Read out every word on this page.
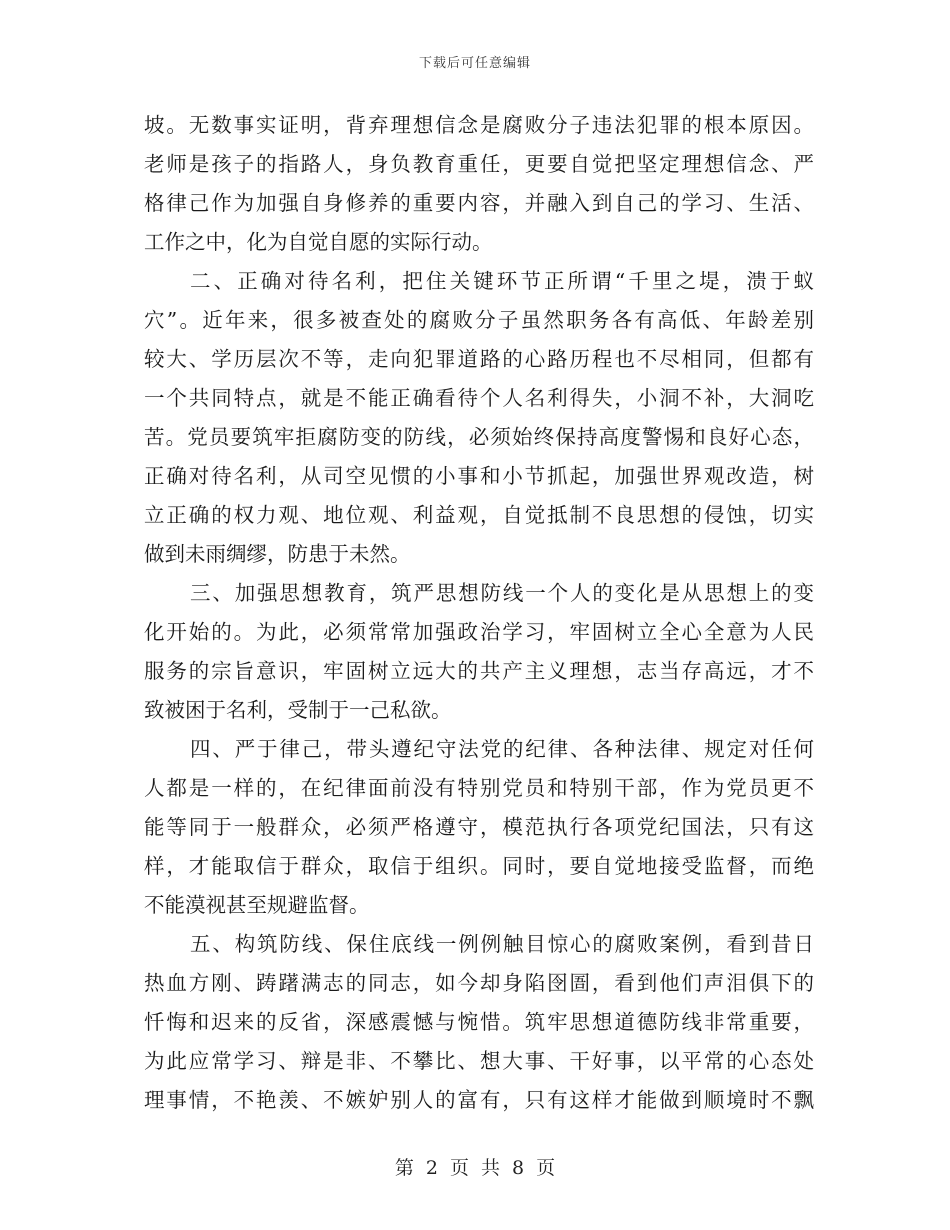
下载后可任意编辑
坡。无数事实证明，背弃理想信念是腐败分子违法犯罪的根本原因。
老师是孩子的指路人，身负教育重任，更要自觉把坚定理想信念、严
格律己作为加强自身修养的重要内容，并融入到自己的学习、生活、
工作之中，化为自觉自愿的实际行动。
二、正确对待名利，把住关键环节正所谓“千里之堤，溃于蚁
穴”。近年来，很多被查处的腐败分子虽然职务各有高低、年龄差别
较大、学历层次不等，走向犯罪道路的心路历程也不尽相同，但都有
一个共同特点，就是不能正确看待个人名利得失，小洞不补，大洞吃
苦。党员要筑牢拒腐防变的防线，必须始终保持高度警惕和良好心态，
正确对待名利，从司空见惯的小事和小节抓起，加强世界观改造，树
立正确的权力观、地位观、利益观，自觉抵制不良思想的侵蚀，切实
做到未雨绸缪，防患于未然。
三、加强思想教育，筑严思想防线一个人的变化是从思想上的变
化开始的。为此，必须常常加强政治学习，牢固树立全心全意为人民
服务的宗旨意识，牢固树立远大的共产主义理想，志当存高远，才不
致被困于名利，受制于一己私欲。
四、严于律己，带头遵纪守法党的纪律、各种法律、规定对任何
人都是一样的，在纪律面前没有特别党员和特别干部，作为党员更不
能等同于一般群众，必须严格遵守，模范执行各项党纪国法，只有这
样，才能取信于群众，取信于组织。同时，要自觉地接受监督，而绝
不能漠视甚至规避监督。
五、构筑防线、保住底线一例例触目惊心的腐败案例，看到昔日
热血方刚、踌躇满志的同志，如今却身陷囹圄，看到他们声泪俱下的
忏悔和迟来的反省，深感震憾与惋惜。筑牢思想道德防线非常重要，
为此应常学习、辩是非、不攀比、想大事、干好事，以平常的心态处
理事情，不艳羡、不嫉妒别人的富有，只有这样才能做到顺境时不飘
第 2 页 共 8 页
